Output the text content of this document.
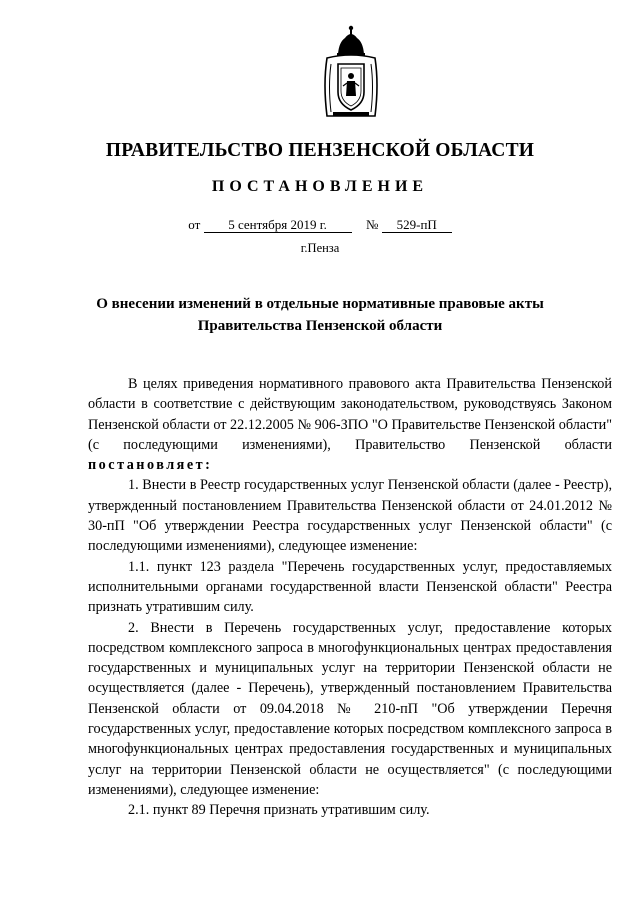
ПРАВИТЕЛЬСТВО ПЕНЗЕНСКОЙ ОБЛАСТИ
ПОСТАНОВЛЕНИЕ
от 5 сентября 2019 г.	№ 529-пП
г.Пенза
О внесении изменений в отдельные нормативные правовые акты
Правительства Пензенской области

В целях приведения нормативного правового акта Правительства Пензенской области в соответствие с действующим законодательством, руководствуясь Законом Пензенской области от 22.12.2005 № 906-ЗПО "О Правительстве Пензенской области" (с последующими изменениями), Правительство Пензенской области постановляет:

1. Внести в Реестр государственных услуг Пензенской области (далее - Реестр), утвержденный постановлением Правительства Пензенской области от 24.01.2012 № 30-пП "Об утверждении Реестра государственных услуг Пензенской области" (с последующими изменениями), следующее изменение:

1.1. пункт 123 раздела "Перечень государственных услуг, предоставляемых исполнительными органами государственной власти Пензенской области" Реестра признать утратившим силу.

2. Внести в Перечень государственных услуг, предоставление которых посредством комплексного запроса в многофункциональных центрах предоставления государственных и муниципальных услуг на территории Пензенской области не осуществляется (далее - Перечень), утвержденный постановлением Правительства Пензенской области от 09.04.2018 № 210-пП "Об утверждении Перечня государственных услуг, предоставление которых посредством комплексного запроса в многофункциональных центрах предоставления государственных и муниципальных услуг на территории Пензенской области не осуществляется" (с последующими изменениями), следующее изменение:

2.1. пункт 89 Перечня признать утратившим силу.
